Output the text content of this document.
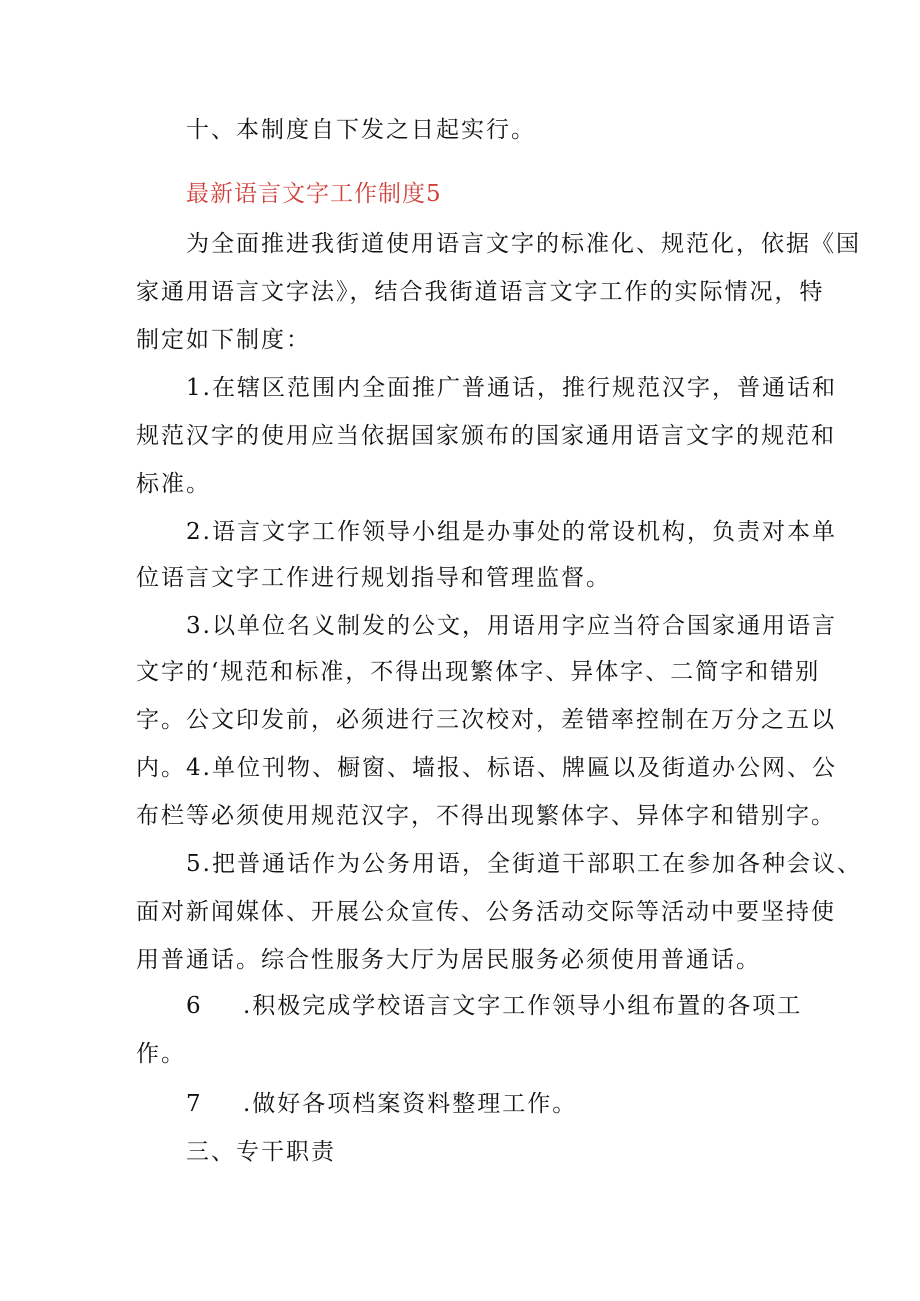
十、本制度自下发之日起实行。
最新语言文字工作制度5
为全面推进我街道使用语言文字的标准化、规范化，依据《国
家通用语言文字法》，结合我街道语言文字工作的实际情况，特
制定如下制度：
1.在辖区范围内全面推广普通话，推行规范汉字，普通话和
规范汉字的使用应当依据国家颁布的国家通用语言文字的规范和
标准。
2.语言文字工作领导小组是办事处的常设机构，负责对本单
位语言文字工作进行规划指导和管理监督。
3.以单位名义制发的公文，用语用字应当符合国家通用语言
文字的‘规范和标准，不得出现繁体字、异体字、二简字和错别
字。公文印发前，必须进行三次校对，差错率控制在万分之五以
内。4.单位刊物、橱窗、墙报、标语、牌匾以及街道办公网、公
布栏等必须使用规范汉字，不得出现繁体字、异体字和错别字。
5.把普通话作为公务用语，全街道干部职工在参加各种会议、
面对新闻媒体、开展公众宣传、公务活动交际等活动中要坚持使
用普通话。综合性服务大厅为居民服务必须使用普通话。
6 .积极完成学校语言文字工作领导小组布置的各项工
作。
7 .做好各项档案资料整理工作。
三、专干职责
